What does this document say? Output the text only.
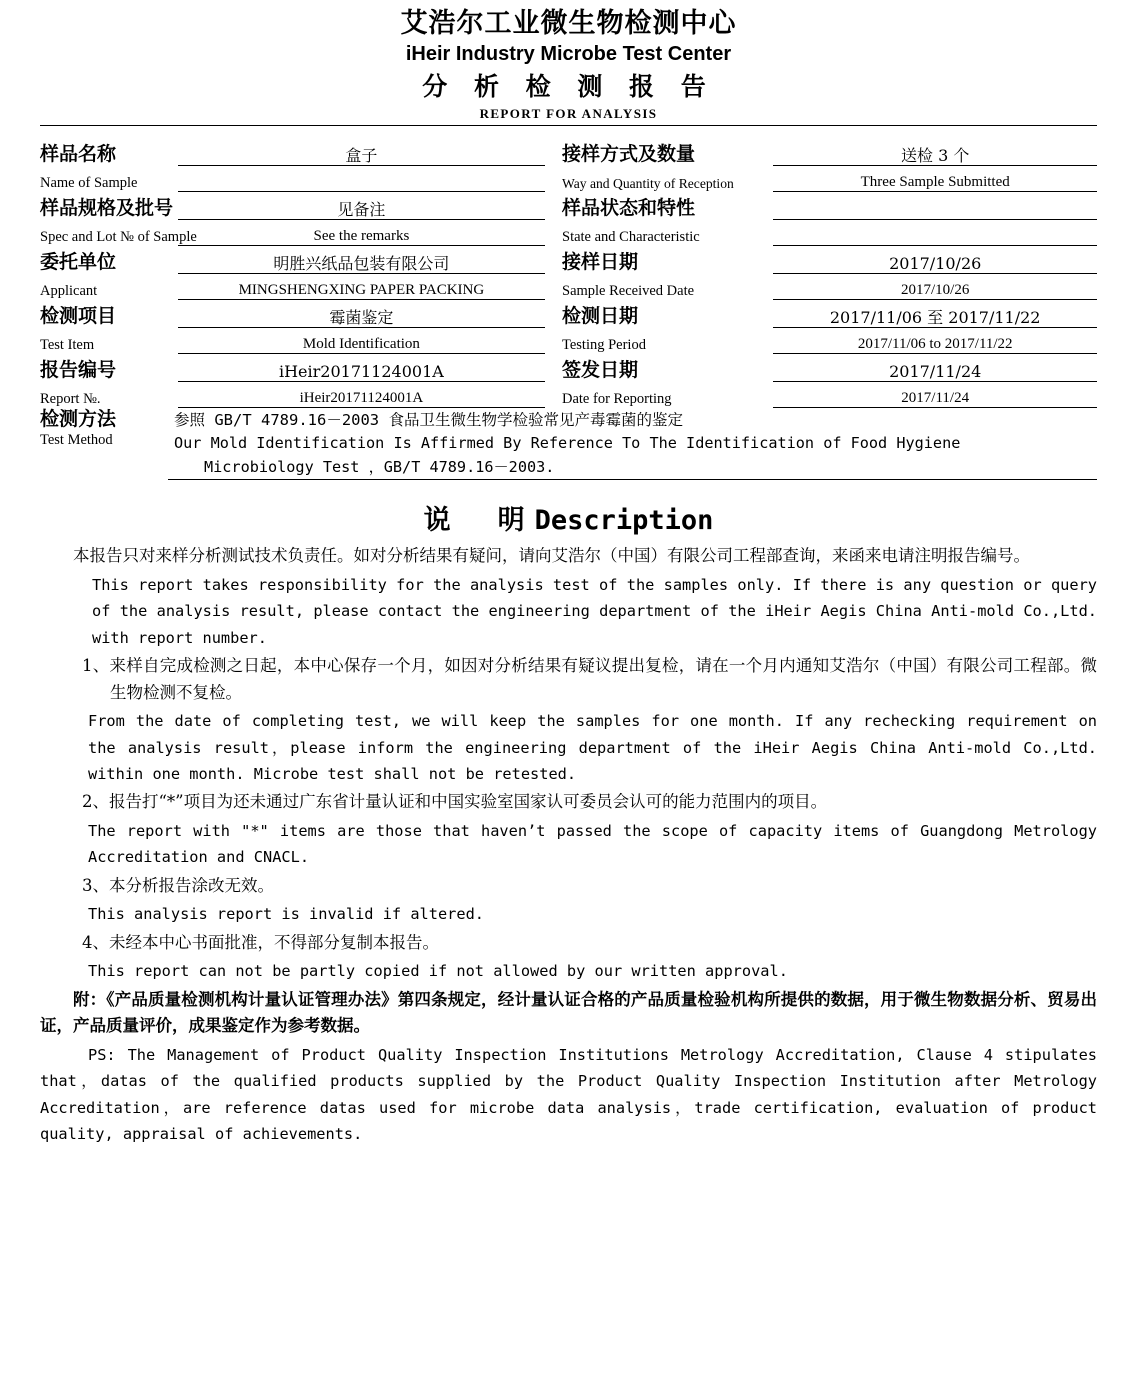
艾浩尔工业微生物检测中心
iHeir Industry Microbe Test Center
分 析 检 测 报 告
REPORT FOR ANALYSIS
样品名称	盒子		接样方式及数量	送检 3 个
Name of Sample			Way and Quantity of Reception	Three Sample Submitted
样品规格及批号	见备注		样品状态和特性	
Spec and Lot № of Sample	See the remarks		State and Characteristic	
委托单位	明胜兴纸品包装有限公司		接样日期	2017/10/26
Applicant	MINGSHENGXING PAPER PACKING		Sample Received Date	2017/10/26
检测项目	霉菌鉴定		检测日期	2017/11/06 至 2017/11/22
Test Item	Mold Identification		Testing Period	2017/11/06 to 2017/11/22
报告编号	iHeir20171124001A		签发日期	2017/11/24
Report №.	iHeir20171124001A		Date for Reporting	2017/11/24
检测方法	参照 GB/T 4789.16－2003 食品卫生微生物学检验常见产毒霉菌的鉴定
Test Method	Our Mold Identification Is Affirmed By Reference To The Identification of Food Hygiene
Microbiology Test ，GB/T 4789.16－2003.
说　明Description
本报告只对来样分析测试技术负责任。如对分析结果有疑问，请向艾浩尔（中国）有限公司工程部查询，来函来电请注明报告编号。
This report takes responsibility for the analysis test of the samples only. If there is any question or query of the analysis result, please contact the engineering department of the iHeir Aegis China Anti-mold Co.,Ltd. with report number.
1、来样自完成检测之日起，本中心保存一个月，如因对分析结果有疑议提出复检，请在一个月内通知艾浩尔（中国）有限公司工程部。微生物检测不复检。
From the date of completing test, we will keep the samples for one month. If any rechecking requirement on the analysis result，please inform the engineering department of the iHeir Aegis China Anti-mold Co.,Ltd. within one month. Microbe test shall not be retested.
2、报告打“*”项目为还未通过广东省计量认证和中国实验室国家认可委员会认可的能力范围内的项目。
The report with "*" items are those that haven’t passed the scope of capacity items of Guangdong Metrology Accreditation and CNACL.
3、本分析报告涂改无效。
This analysis report is invalid if altered.
4、未经本中心书面批准，不得部分复制本报告。
This report can not be partly copied if not allowed by our written approval.
附：《产品质量检测机构计量认证管理办法》第四条规定，经计量认证合格的产品质量检验机构所提供的数据，用于微生物数据分析、贸易出证，产品质量评价，成果鉴定作为参考数据。
PS: The Management of Product Quality Inspection Institutions Metrology Accreditation, Clause 4 stipulates that，datas of the qualified products supplied by the Product Quality Inspection Institution after Metrology Accreditation，are reference datas used for microbe data analysis，trade certification, evaluation of product quality, appraisal of achievements.
